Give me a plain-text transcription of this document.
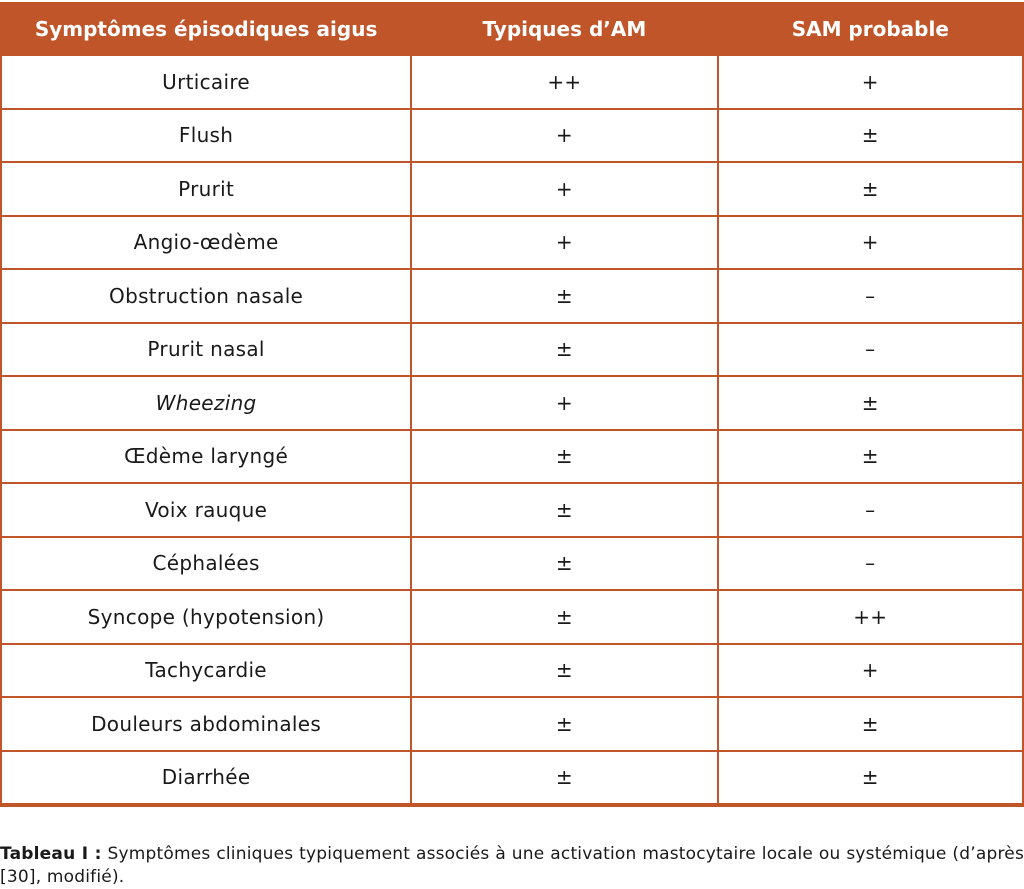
Symptômes épisodiques aigus	Typiques d’AM	SAM probable
Urticaire	++	+
Flush	+	±
Prurit	+	±
Angio-œdème	+	+
Obstruction nasale	±	–
Prurit nasal	±	–
Wheezing	+	±
Œdème laryngé	±	±
Voix rauque	±	–
Céphalées	±	–
Syncope (hypotension)	±	++
Tachycardie	±	+
Douleurs abdominales	±	±
Diarrhée	±	±

Tableau I : Symptômes cliniques typiquement associés à une activation mastocytaire locale ou systémique (d’après [30], modifié).
